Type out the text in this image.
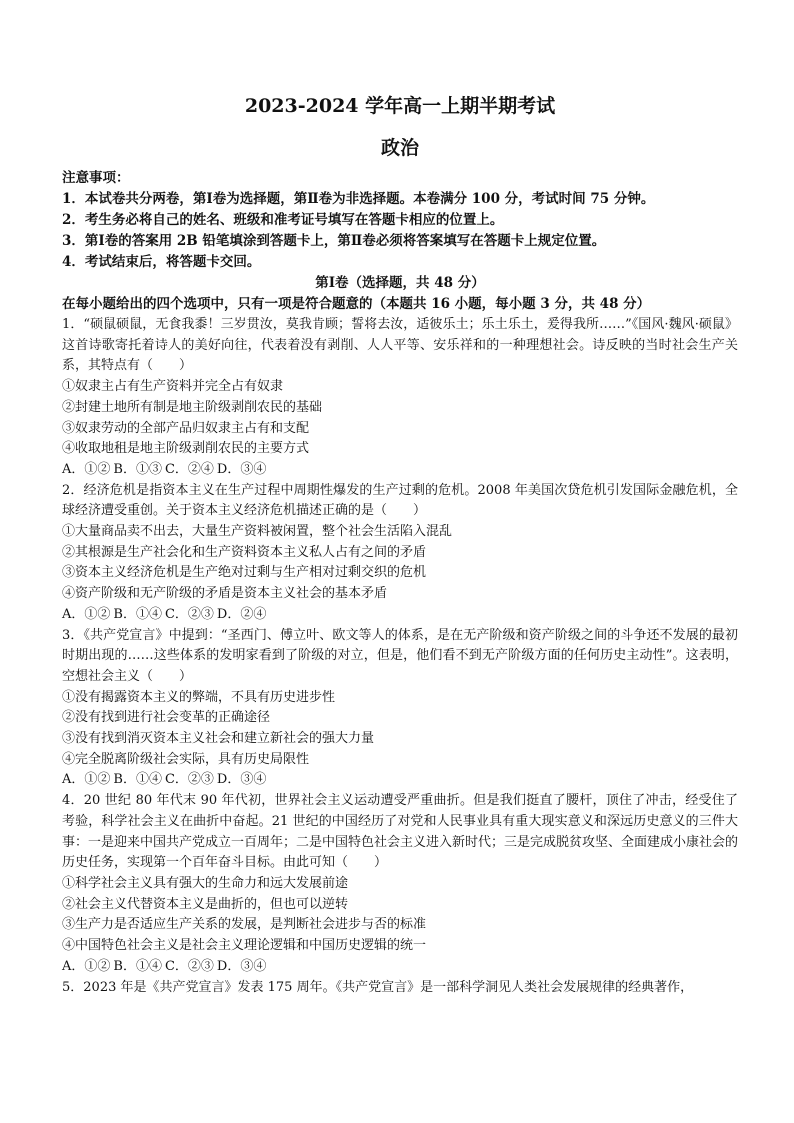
2023-2024 学年高一上期半期考试
政治
注意事项：
1．本试卷共分两卷，第Ⅰ卷为选择题，第Ⅱ卷为非选择题。本卷满分 100 分，考试时间 75 分钟。
2．考生务必将自己的姓名、班级和准考证号填写在答题卡相应的位置上。
3．第Ⅰ卷的答案用 2B 铅笔填涂到答题卡上，第Ⅱ卷必须将答案填写在答题卡上规定位置。
4．考试结束后，将答题卡交回。
第Ⅰ卷（选择题，共 48 分）
在每小题给出的四个选项中，只有一项是符合题意的（本题共 16 小题，每小题 3 分，共 48 分）
1．“硕鼠硕鼠，无食我黍！三岁贯汝，莫我肯顾；誓将去汝，适彼乐土；乐土乐土，爰得我所……”《国风·魏风·硕鼠》这首诗歌寄托着诗人的美好向往，代表着没有剥削、人人平等、安乐祥和的一种理想社会。诗反映的当时社会生产关系，其特点有（　　）
①奴隶主占有生产资料并完全占有奴隶
②封建土地所有制是地主阶级剥削农民的基础
③奴隶劳动的全部产品归奴隶主占有和支配
④收取地租是地主阶级剥削农民的主要方式
A．①② B．①③ C．②④ D．③④
2．经济危机是指资本主义在生产过程中周期性爆发的生产过剩的危机。2008 年美国次贷危机引发国际金融危机，全球经济遭受重创。关于资本主义经济危机描述正确的是（　　）
①大量商品卖不出去，大量生产资料被闲置，整个社会生活陷入混乱
②其根源是生产社会化和生产资料资本主义私人占有之间的矛盾
③资本主义经济危机是生产绝对过剩与生产相对过剩交织的危机
④资产阶级和无产阶级的矛盾是资本主义社会的基本矛盾
A．①② B．①④ C．②③ D．②④
3．《共产党宣言》中提到：“圣西门、傅立叶、欧文等人的体系，是在无产阶级和资产阶级之间的斗争还不发展的最初时期出现的……这些体系的发明家看到了阶级的对立，但是，他们看不到无产阶级方面的任何历史主动性”。这表明，空想社会主义（　　）
①没有揭露资本主义的弊端，不具有历史进步性
②没有找到进行社会变革的正确途径
③没有找到消灭资本主义社会和建立新社会的强大力量
④完全脱离阶级社会实际，具有历史局限性
A．①② B．①④ C．②③ D．③④
4．20 世纪 80 年代末 90 年代初，世界社会主义运动遭受严重曲折。但是我们挺直了腰杆，顶住了冲击，经受住了考验，科学社会主义在曲折中奋起。21 世纪的中国经历了对党和人民事业具有重大现实意义和深远历史意义的三件大事：一是迎来中国共产党成立一百周年；二是中国特色社会主义进入新时代；三是完成脱贫攻坚、全面建成小康社会的历史任务，实现第一个百年奋斗目标。由此可知（　　）
①科学社会主义具有强大的生命力和远大发展前途
②社会主义代替资本主义是曲折的，但也可以逆转
③生产力是否适应生产关系的发展，是判断社会进步与否的标准
④中国特色社会主义是社会主义理论逻辑和中国历史逻辑的统一
A．①② B．①④ C．②③ D．③④
5．2023 年是《共产党宣言》发表 175 周年。《共产党宣言》是一部科学洞见人类社会发展规律的经典著作，
